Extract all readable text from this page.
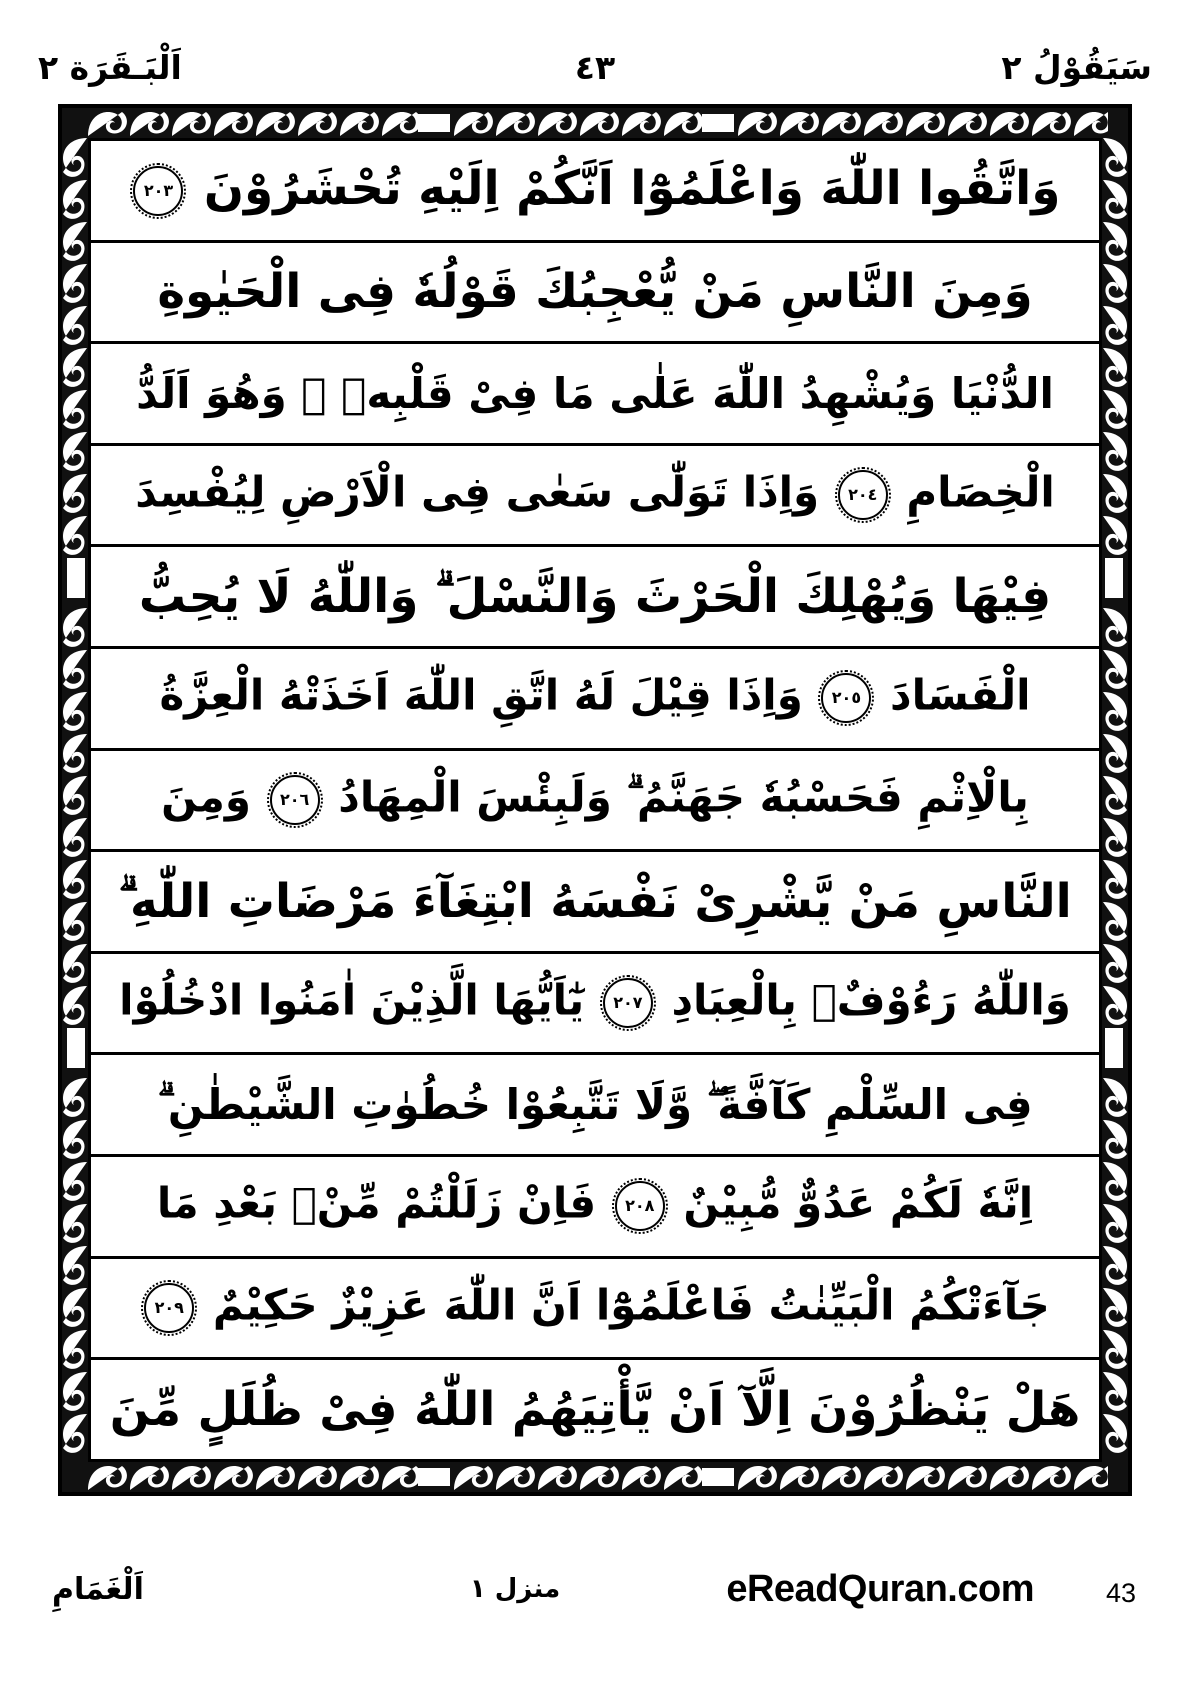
اَلْبَـقَرَة ٢	٤٣	سَيَقُوْلُ ٢
وَاتَّقُوا اللّٰهَ وَاعْلَمُوْٓا اَنَّكُمْ اِلَيْهِ تُحْشَرُوْنَ ٢٠٣
وَمِنَ النَّاسِ مَنْ يُّعْجِبُكَ قَوْلُهٗ فِى الْحَيٰوةِ
الدُّنْيَا وَيُشْهِدُ اللّٰهَ عَلٰى مَا فِىْ قَلْبِهٖ ۙ وَهُوَ اَلَدُّ
الْخِصَامِ ٢٠٤ وَاِذَا تَوَلّٰى سَعٰى فِى الْاَرْضِ لِيُفْسِدَ
فِيْهَا وَيُهْلِكَ الْحَرْثَ وَالنَّسْلَ ۗ وَاللّٰهُ لَا يُحِبُّ
الْفَسَادَ ٢٠٥ وَاِذَا قِيْلَ لَهُ اتَّقِ اللّٰهَ اَخَذَتْهُ الْعِزَّةُ
بِالْاِثْمِ فَحَسْبُهٗ جَهَنَّمُ ۗ وَلَبِئْسَ الْمِهَادُ ٢٠٦ وَمِنَ
النَّاسِ مَنْ يَّشْرِىْ نَفْسَهُ ابْتِغَآءَ مَرْضَاتِ اللّٰهِ ۗ
وَاللّٰهُ رَءُوْفٌۢ بِالْعِبَادِ ٢٠٧ يٰٓاَيُّهَا الَّذِيْنَ اٰمَنُوا ادْخُلُوْا
فِى السِّلْمِ كَآفَّةً ۖ وَّلَا تَتَّبِعُوْا خُطُوٰتِ الشَّيْطٰنِ ۗ
اِنَّهٗ لَكُمْ عَدُوٌّ مُّبِيْنٌ ٢٠٨ فَاِنْ زَلَلْتُمْ مِّنْۢ بَعْدِ مَا
جَآءَتْكُمُ الْبَيِّنٰتُ فَاعْلَمُوْٓا اَنَّ اللّٰهَ عَزِيْزٌ حَكِيْمٌ ٢٠٩
هَلْ يَنْظُرُوْنَ اِلَّآ اَنْ يَّأْتِيَهُمُ اللّٰهُ فِىْ ظُلَلٍ مِّنَ
اَلْغَمَامِ	منزل ١	eReadQuran.com	43
